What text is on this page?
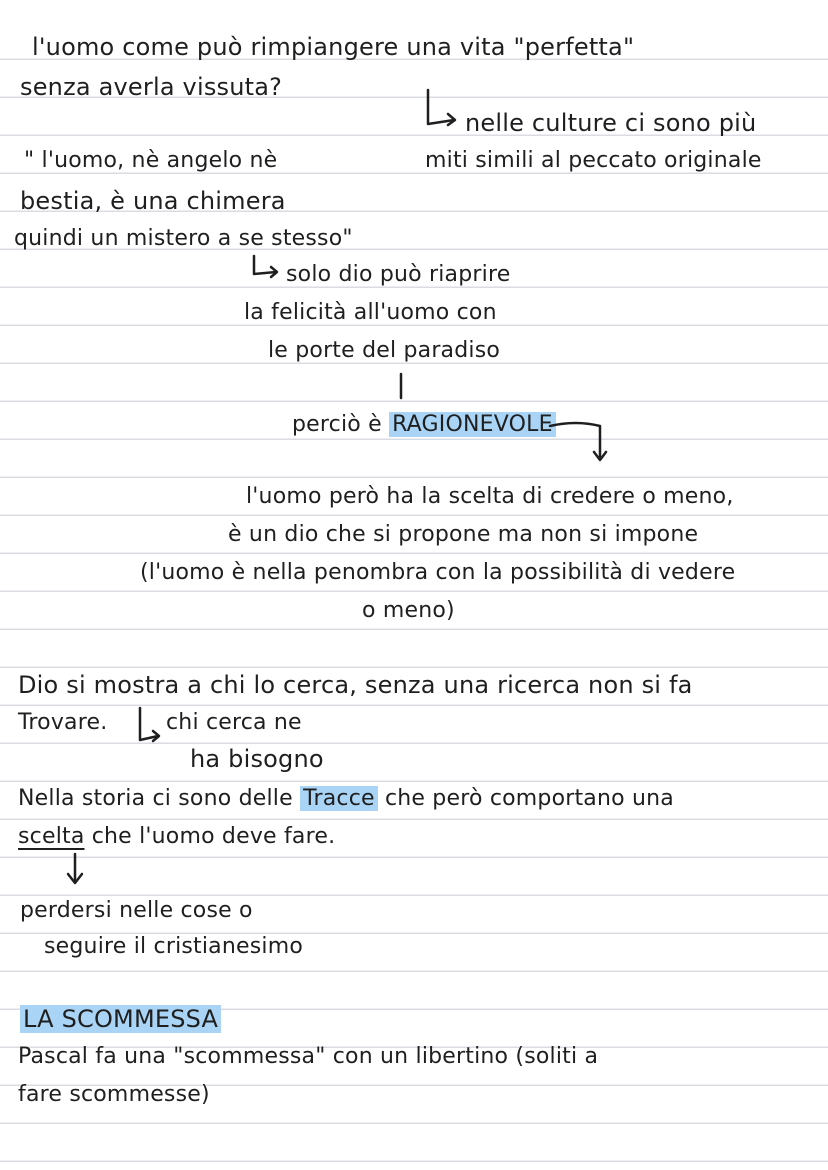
l'uomo come può rimpiangere una vita "perfetta"

senza averla vissuta?

nelle culture ci sono più

miti simili al peccato originale

" l'uomo, nè angelo nè

bestia, è una chimera

quindi un mistero a se stesso"

solo dio può riaprire

la felicità all'uomo con

le porte del paradiso

perciò è RAGIONEVOLE

l'uomo però ha la scelta di credere o meno,

è un dio che si propone ma non si impone

(l'uomo è nella penombra con la possibilità di vedere

o meno)

Dio si mostra a chi lo cerca, senza una ricerca non si fa

Trovare.	chi cerca ne

ha bisogno

Nella storia ci sono delle Tracce che però comportano una

scelta che l'uomo deve fare.

perdersi nelle cose o

seguire il cristianesimo

LA SCOMMESSA

Pascal fa una "scommessa" con un libertino (soliti a

fare scommesse)
